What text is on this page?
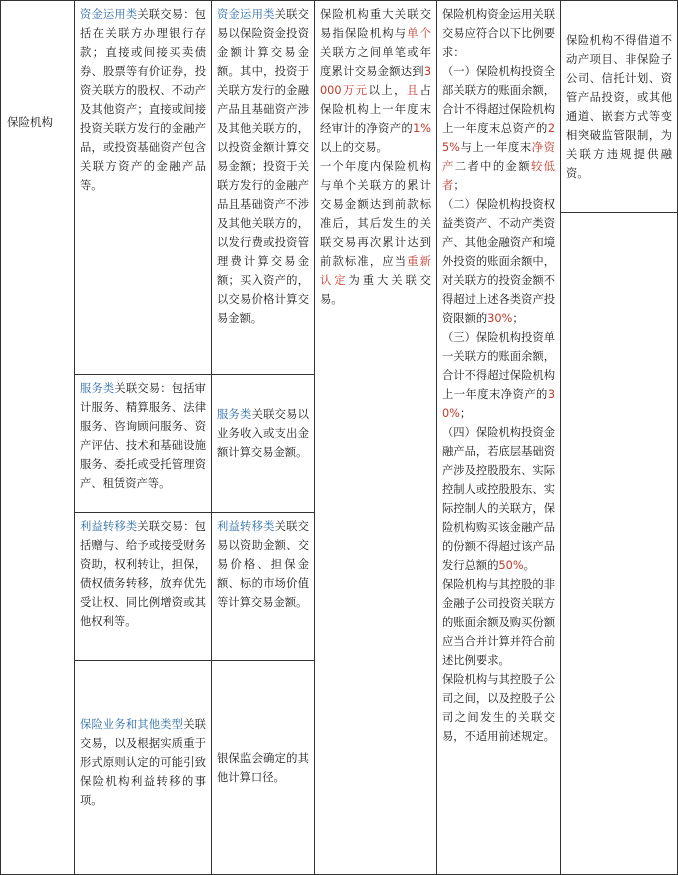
保险机构
资金运用类关联交易：包括在关联方办理银行存款；直接或间接买卖债券、股票等有价证券，投资关联方的股权、不动产及其他资产；直接或间接投资关联方发行的金融产品，或投资基础资产包含关联方资产的金融产品等。
服务类关联交易：包括审计服务、精算服务、法律服务、咨询顾问服务、资产评估、技术和基础设施服务、委托或受托管理资产、租赁资产等。
利益转移类关联交易：包括赠与、给予或接受财务资助，权利转让，担保，债权债务转移，放弃优先受让权、同比例增资或其他权利等。
保险业务和其他类型关联交易，以及根据实质重于形式原则认定的可能引致保险机构利益转移的事项。
资金运用类关联交易以保险资金投资金额计算交易金额。其中，投资于关联方发行的金融产品且基础资产涉及其他关联方的，以投资金额计算交易金额；投资于关联方发行的金融产品且基础资产不涉及其他关联方的，以发行费或投资管理费计算交易金额；买入资产的，以交易价格计算交易金额。
服务类关联交易以业务收入或支出金额计算交易金额。
利益转移类关联交易以资助金额、交易价格、担保金额、标的市场价值等计算交易金额。
银保监会确定的其他计算口径。

保险机构重大关联交易指保险机构与单个关联方之间单笔或年度累计交易金额达到3000万元以上，且占保险机构上一年度末经审计的净资产的1%以上的交易。

一个年度内保险机构与单个关联方的累计交易金额达到前款标准后，其后发生的关联交易再次累计达到前款标准，应当重新认定为重大关联交易。

保险机构资金运用关联交易应符合以下比例要求：

（一）保险机构投资全部关联方的账面余额，合计不得超过保险机构上一年度末总资产的25%与上一年度末净资产二者中的金额较低者；

（二）保险机构投资权益类资产、不动产类资产、其他金融资产和境外投资的账面余额中，对关联方的投资金额不得超过上述各类资产投资限额的30%；

（三）保险机构投资单一关联方的账面余额，合计不得超过保险机构上一年度末净资产的30%；

（四）保险机构投资金融产品，若底层基础资产涉及控股股东、实际控制人或控股股东、实际控制人的关联方，保险机构购买该金融产品的份额不得超过该产品发行总额的50%。

保险机构与其控股的非金融子公司投资关联方的账面余额及购买份额应当合并计算并符合前述比例要求。

保险机构与其控股子公司之间，以及控股子公司之间发生的关联交易，不适用前述规定。

保险机构不得借道不动产项目、非保险子公司、信托计划、资管产品投资，或其他通道、嵌套方式等变相突破监管限制，为关联方违规提供融资。
